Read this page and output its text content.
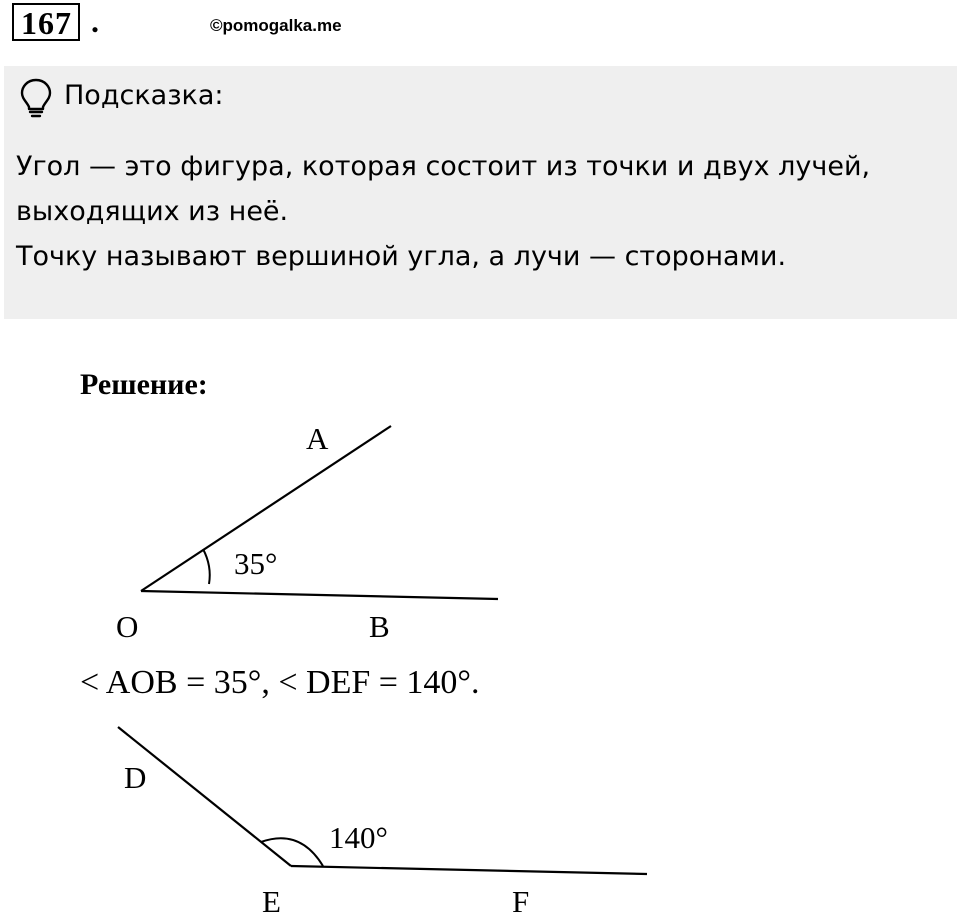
167 .	©pomogalka.me
Подсказка:
Угол — это фигура, которая состоит из точки и двух лучей,
выходящих из неё.
Точку называют вершиной угла, а лучи — сторонами.
Решение:
A
35°
O	B
D
140°
E	F
< AOB = 35°, < DEF = 140°.
